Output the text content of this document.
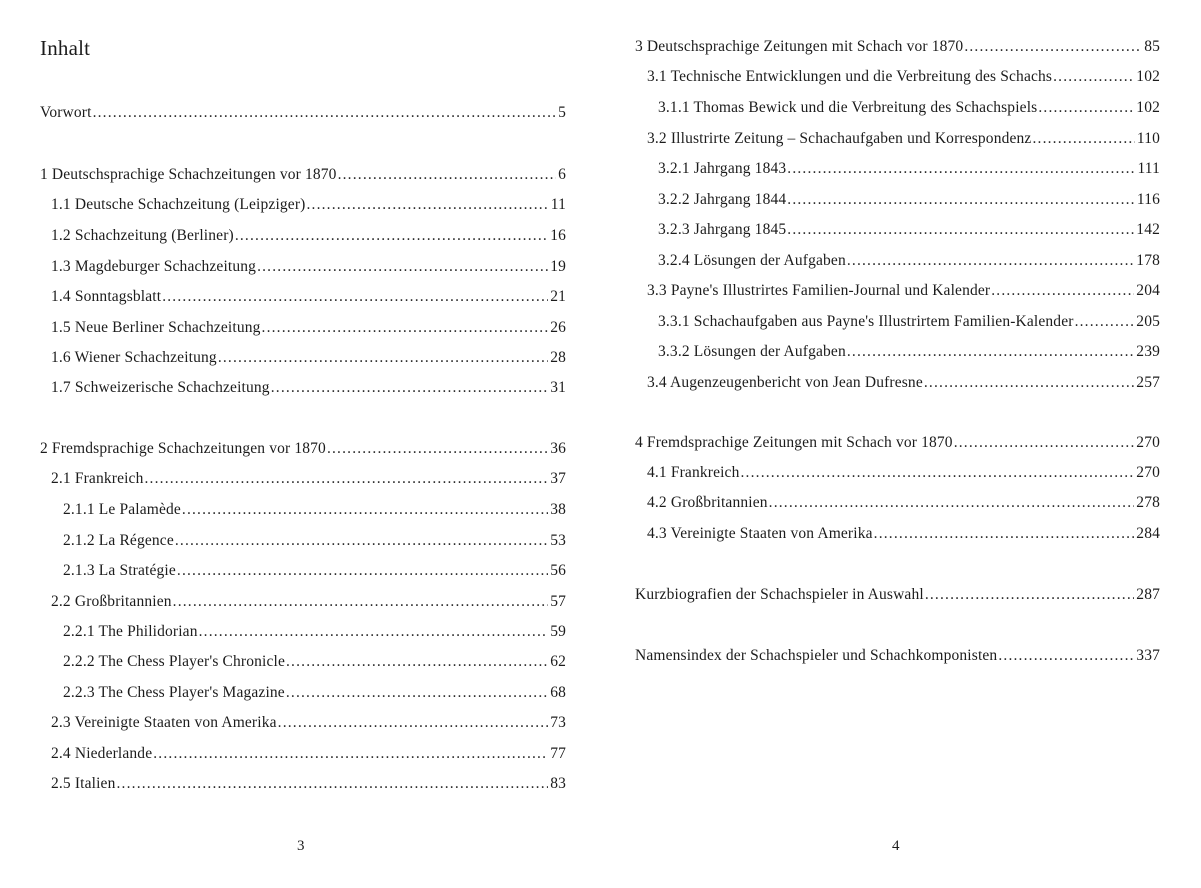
Inhalt
Vorwort . . .	5
1 Deutschsprachige Schachzeitungen vor 1870 . . .	6
1.1 Deutsche Schachzeitung (Leipziger) . . .	11
1.2 Schachzeitung (Berliner) . . .	16
1.3 Magdeburger Schachzeitung . . .	19
1.4 Sonntagsblatt . . .	21
1.5 Neue Berliner Schachzeitung . . .	26
1.6 Wiener Schachzeitung . . .	28
1.7 Schweizerische Schachzeitung . . .	31
2 Fremdsprachige Schachzeitungen vor 1870 . . .	36
2.1 Frankreich . . .	37
2.1.1 Le Palamède . . .	38
2.1.2 La Régence . . .	53
2.1.3 La Stratégie . . .	56
2.2 Großbritannien . . .	57
2.2.1 The Philidorian . . .	59
2.2.2 The Chess Player's Chronicle . . .	62
2.2.3 The Chess Player's Magazine . . .	68
2.3 Vereinigte Staaten von Amerika . . .	73
2.4 Niederlande . . .	77
2.5 Italien . . .	83
3
3 Deutschsprachige Zeitungen mit Schach vor 1870 . . .	85
3.1 Technische Entwicklungen und die Verbreitung des Schachs . . .	102
3.1.1 Thomas Bewick und die Verbreitung des Schachspiels . . .	102
3.2 Illustrirte Zeitung – Schachaufgaben und Korrespondenz . . .	110
3.2.1 Jahrgang 1843 . . .	111
3.2.2 Jahrgang 1844 . . .	116
3.2.3 Jahrgang 1845 . . .	142
3.2.4 Lösungen der Aufgaben . . .	178
3.3 Payne's Illustrirtes Familien-Journal und Kalender . . .	204
3.3.1 Schachaufgaben aus Payne's Illustrirtem Familien-Kalender . . .	205
3.3.2 Lösungen der Aufgaben . . .	239
3.4 Augenzeugenbericht von Jean Dufresne . . .	257
4 Fremdsprachige Zeitungen mit Schach vor 1870 . . .	270
4.1 Frankreich . . .	270
4.2 Großbritannien . . .	278
4.3 Vereinigte Staaten von Amerika . . .	284
Kurzbiografien der Schachspieler in Auswahl . . .	287
Namensindex der Schachspieler und Schachkomponisten . . .	337
4
